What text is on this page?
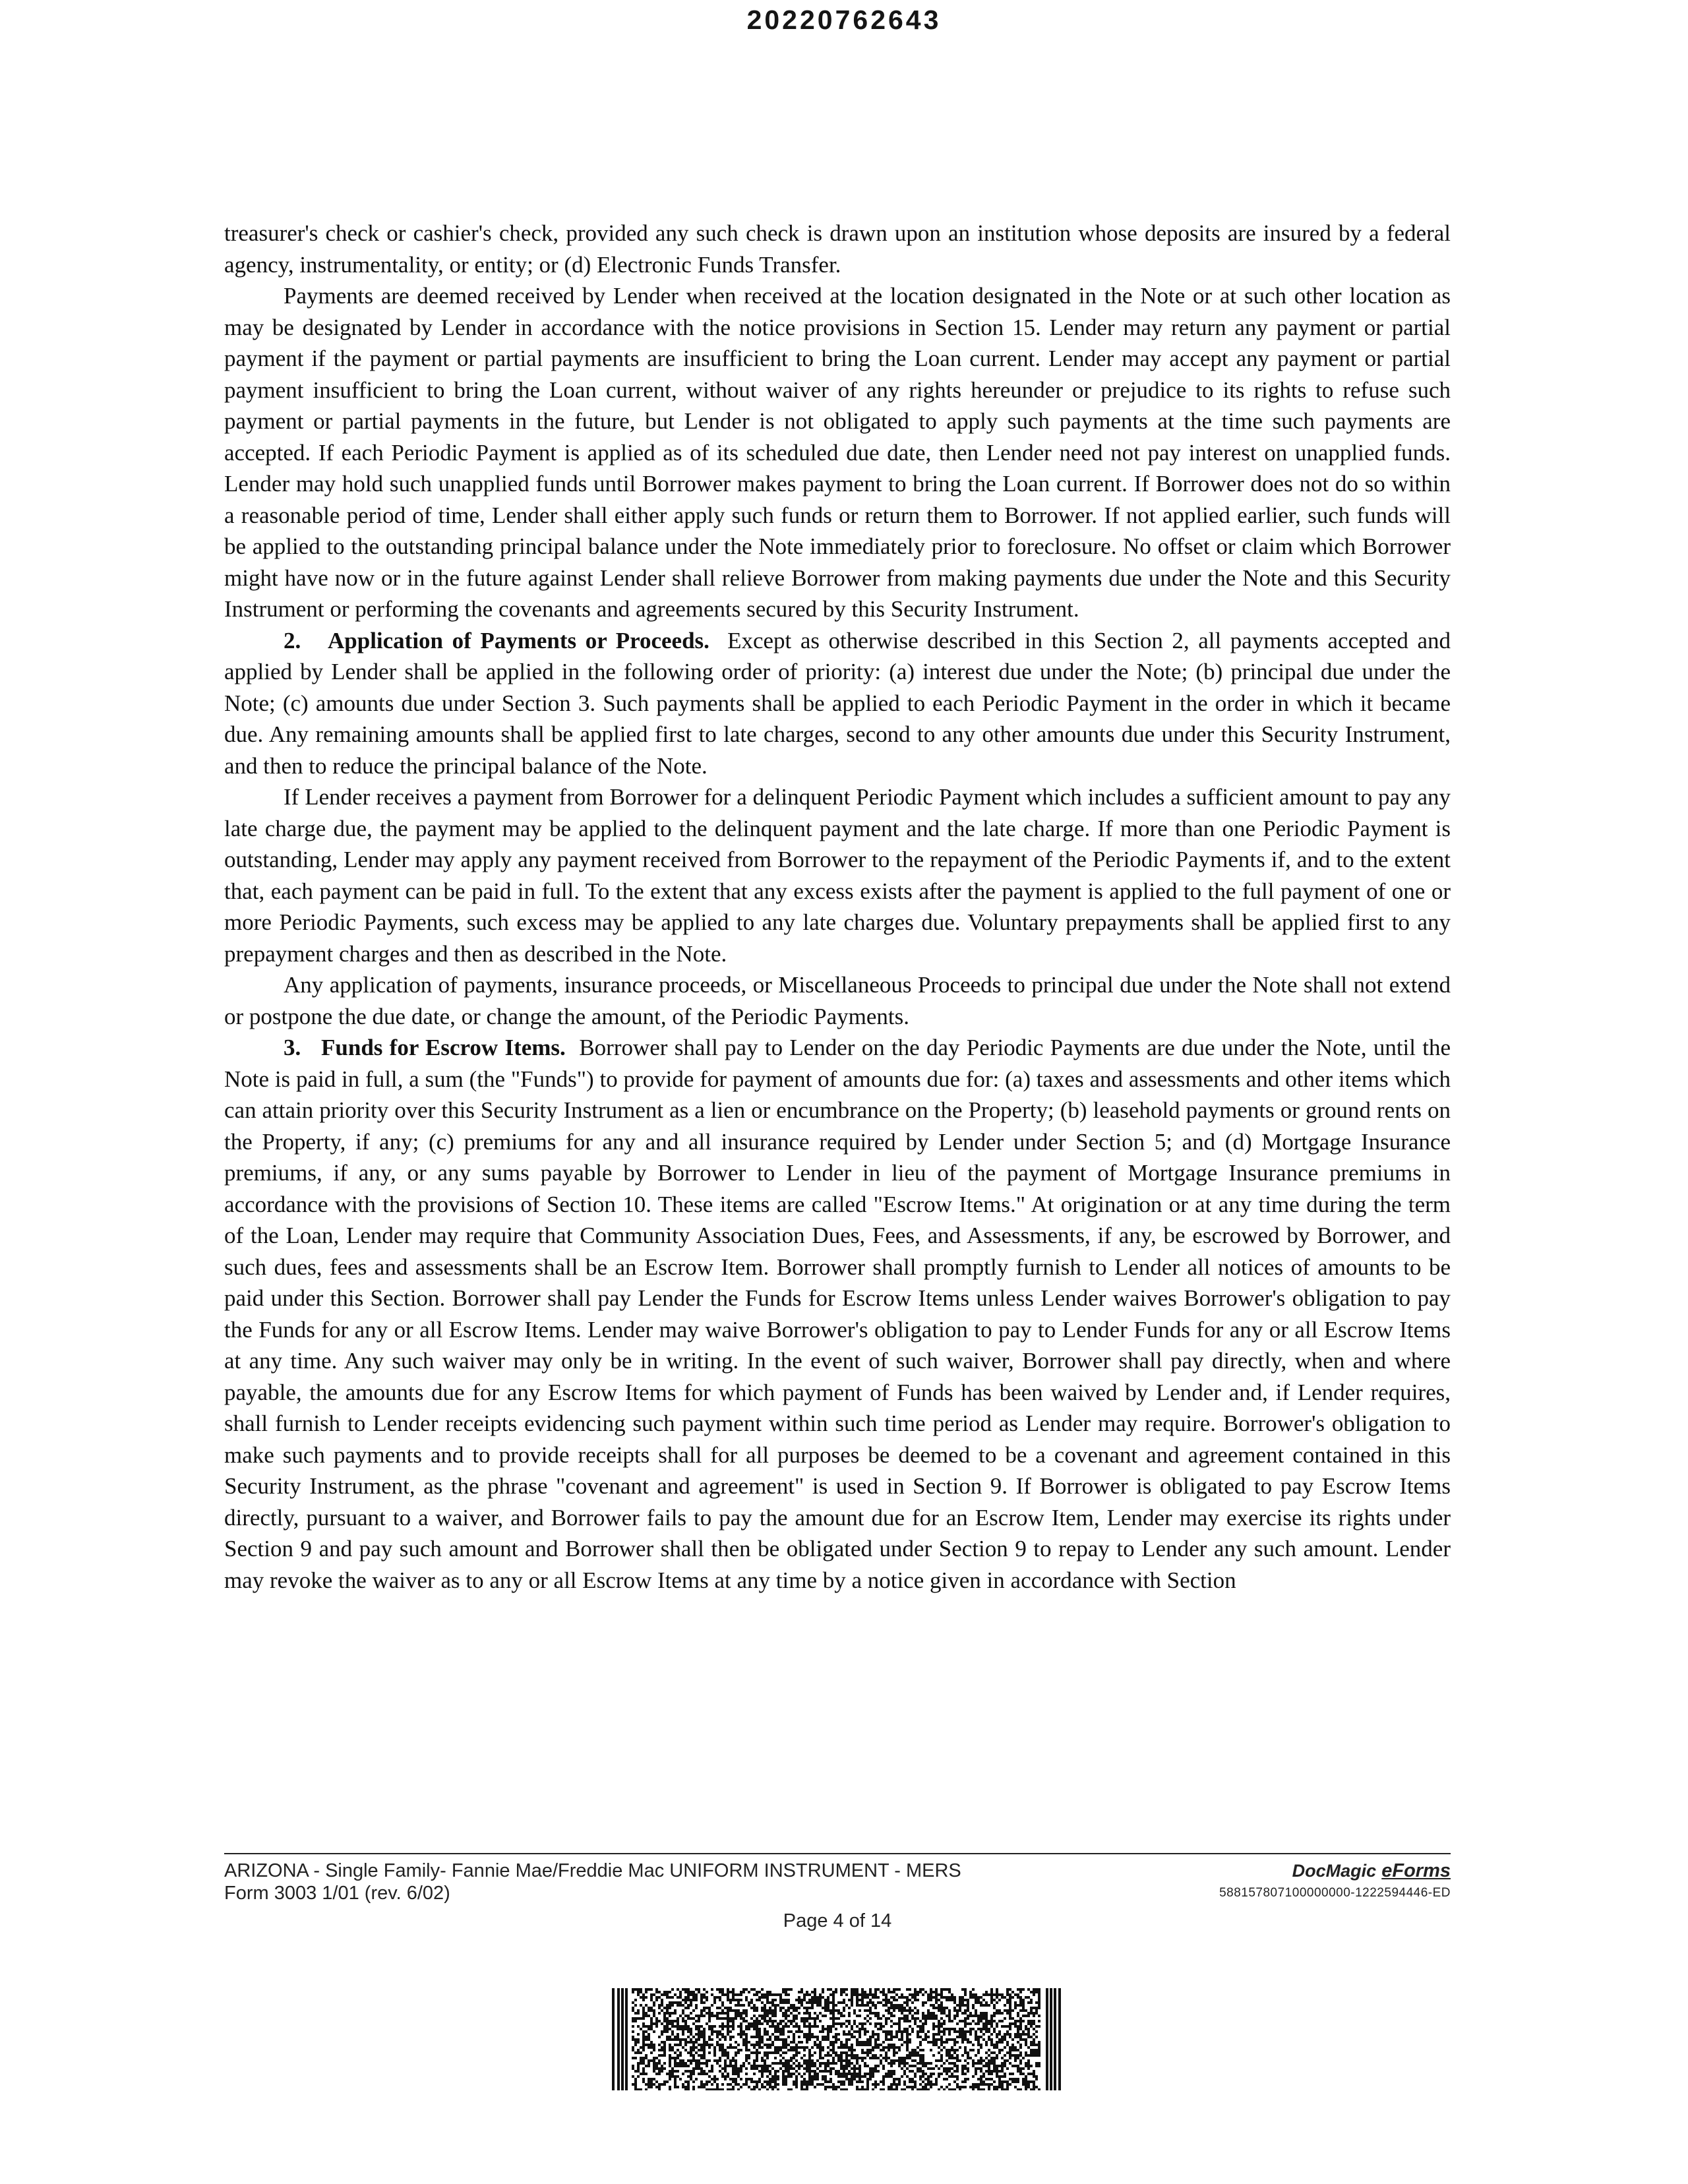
20220762643

treasurer's check or cashier's check, provided any such check is drawn upon an institution whose deposits are insured by a federal agency, instrumentality, or entity; or (d) Electronic Funds Transfer.

Payments are deemed received by Lender when received at the location designated in the Note or at such other location as may be designated by Lender in accordance with the notice provisions in Section 15. Lender may return any payment or partial payment if the payment or partial payments are insufficient to bring the Loan current. Lender may accept any payment or partial payment insufficient to bring the Loan current, without waiver of any rights hereunder or prejudice to its rights to refuse such payment or partial payments in the future, but Lender is not obligated to apply such payments at the time such payments are accepted. If each Periodic Payment is applied as of its scheduled due date, then Lender need not pay interest on unapplied funds. Lender may hold such unapplied funds until Borrower makes payment to bring the Loan current. If Borrower does not do so within a reasonable period of time, Lender shall either apply such funds or return them to Borrower. If not applied earlier, such funds will be applied to the outstanding principal balance under the Note immediately prior to foreclosure. No offset or claim which Borrower might have now or in the future against Lender shall relieve Borrower from making payments due under the Note and this Security Instrument or performing the covenants and agreements secured by this Security Instrument.

2. Application of Payments or Proceeds. Except as otherwise described in this Section 2, all payments accepted and applied by Lender shall be applied in the following order of priority: (a) interest due under the Note; (b) principal due under the Note; (c) amounts due under Section 3. Such payments shall be applied to each Periodic Payment in the order in which it became due. Any remaining amounts shall be applied first to late charges, second to any other amounts due under this Security Instrument, and then to reduce the principal balance of the Note.

If Lender receives a payment from Borrower for a delinquent Periodic Payment which includes a sufficient amount to pay any late charge due, the payment may be applied to the delinquent payment and the late charge. If more than one Periodic Payment is outstanding, Lender may apply any payment received from Borrower to the repayment of the Periodic Payments if, and to the extent that, each payment can be paid in full. To the extent that any excess exists after the payment is applied to the full payment of one or more Periodic Payments, such excess may be applied to any late charges due. Voluntary prepayments shall be applied first to any prepayment charges and then as described in the Note.

Any application of payments, insurance proceeds, or Miscellaneous Proceeds to principal due under the Note shall not extend or postpone the due date, or change the amount, of the Periodic Payments.

3. Funds for Escrow Items. Borrower shall pay to Lender on the day Periodic Payments are due under the Note, until the Note is paid in full, a sum (the "Funds") to provide for payment of amounts due for: (a) taxes and assessments and other items which can attain priority over this Security Instrument as a lien or encumbrance on the Property; (b) leasehold payments or ground rents on the Property, if any; (c) premiums for any and all insurance required by Lender under Section 5; and (d) Mortgage Insurance premiums, if any, or any sums payable by Borrower to Lender in lieu of the payment of Mortgage Insurance premiums in accordance with the provisions of Section 10. These items are called "Escrow Items." At origination or at any time during the term of the Loan, Lender may require that Community Association Dues, Fees, and Assessments, if any, be escrowed by Borrower, and such dues, fees and assessments shall be an Escrow Item. Borrower shall promptly furnish to Lender all notices of amounts to be paid under this Section. Borrower shall pay Lender the Funds for Escrow Items unless Lender waives Borrower's obligation to pay the Funds for any or all Escrow Items. Lender may waive Borrower's obligation to pay to Lender Funds for any or all Escrow Items at any time. Any such waiver may only be in writing. In the event of such waiver, Borrower shall pay directly, when and where payable, the amounts due for any Escrow Items for which payment of Funds has been waived by Lender and, if Lender requires, shall furnish to Lender receipts evidencing such payment within such time period as Lender may require. Borrower's obligation to make such payments and to provide receipts shall for all purposes be deemed to be a covenant and agreement contained in this Security Instrument, as the phrase "covenant and agreement" is used in Section 9. If Borrower is obligated to pay Escrow Items directly, pursuant to a waiver, and Borrower fails to pay the amount due for an Escrow Item, Lender may exercise its rights under Section 9 and pay such amount and Borrower shall then be obligated under Section 9 to repay to Lender any such amount. Lender may revoke the waiver as to any or all Escrow Items at any time by a notice given in accordance with Section

ARIZONA - Single Family- Fannie Mae/Freddie Mac UNIFORM INSTRUMENT - MERS	DocMagic eForms
Form 3003 1/01 (rev. 6/02)	588157807100000000-1222594446-ED
Page 4 of 14
